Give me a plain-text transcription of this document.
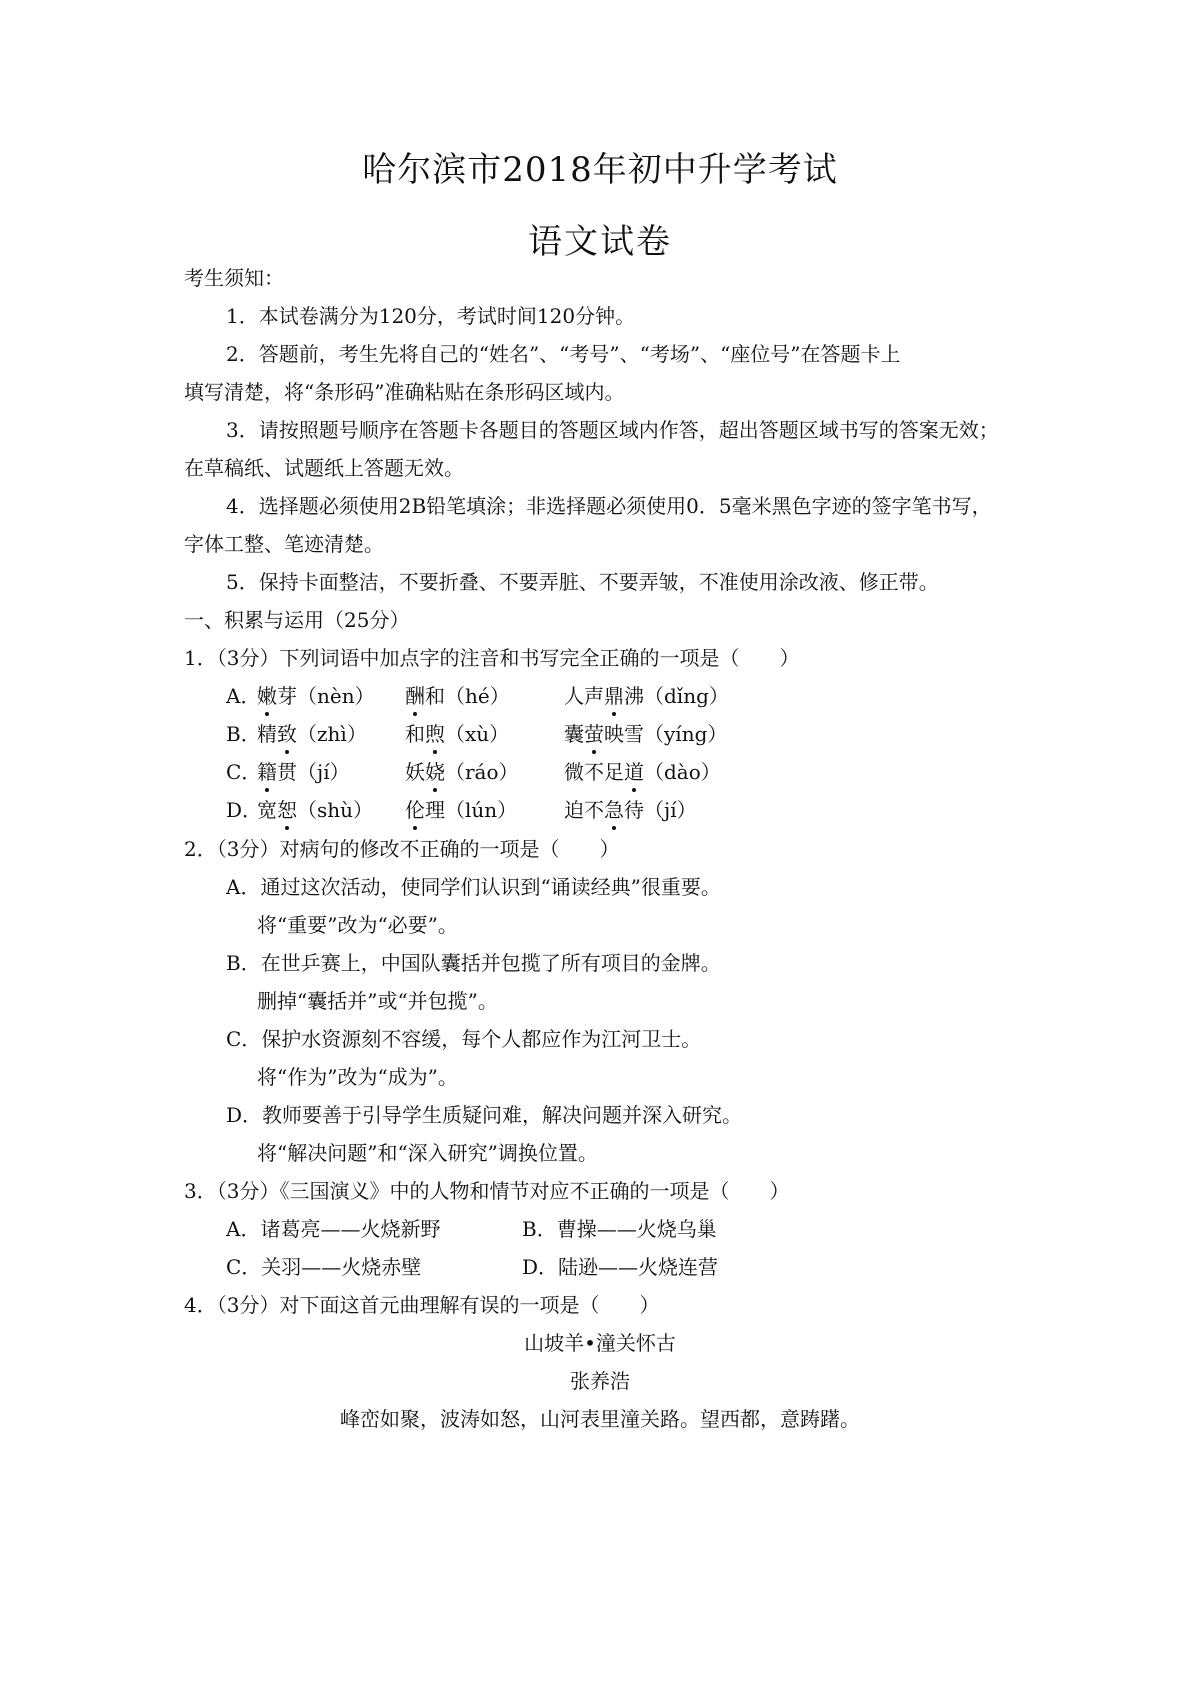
哈尔滨市2018年初中升学考试
语文试卷
考生须知：
1．本试卷满分为120分，考试时间120分钟。
2．答题前，考生先将自己的“姓名”、“考号”、“考场”、“座位号”在答题卡上
填写清楚，将“条形码”准确粘贴在条形码区域内。
3．请按照题号顺序在答题卡各题目的答题区域内作答，超出答题区域书写的答案无效；
在草稿纸、试题纸上答题无效。
4．选择题必须使用2B铅笔填涂；非选择题必须使用0．5毫米黑色字迹的签字笔书写，
字体工整、笔迹清楚。
5．保持卡面整洁，不要折叠、不要弄脏、不要弄皱，不准使用涂改液、修正带。
一、积累与运用（25分）
1．（3分）下列词语中加点字的注音和书写完全正确的一项是（　　）
A．
嫩芽（nèn） 酬和（hé）	人声鼎沸（dǐng）
B．
精致（zhì） 和煦（xù）	囊萤映雪（yíng）
C．
籍贯（jí）	妖娆（ráo） 微不足道（dào）
D．
宽恕（shù） 伦理（lún） 迫不急待（jí）
2．（3分）对病句的修改不正确的一项是（　　）
A．通过这次活动，使同学们认识到“诵读经典”很重要。
将“重要”改为“必要”。
B．在世乒赛上，中国队囊括并包揽了所有项目的金牌。
删掉“囊括并”或“并包揽”。
C．保护水资源刻不容缓，每个人都应作为江河卫士。
将“作为”改为“成为”。
D．教师要善于引导学生质疑问难，解决问题并深入研究。
将“解决问题”和“深入研究”调换位置。
3．（3分）《三国演义》中的人物和情节对应不正确的一项是（　　）
A．诸葛亮——火烧新野	B．曹操——火烧乌巢
C．关羽——火烧赤壁	D．陆逊——火烧连营
4．（3分）对下面这首元曲理解有误的一项是（　　）
山坡羊•潼关怀古
张养浩
峰峦如聚，波涛如怒，山河表里潼关路。望西都，意踌躇。
